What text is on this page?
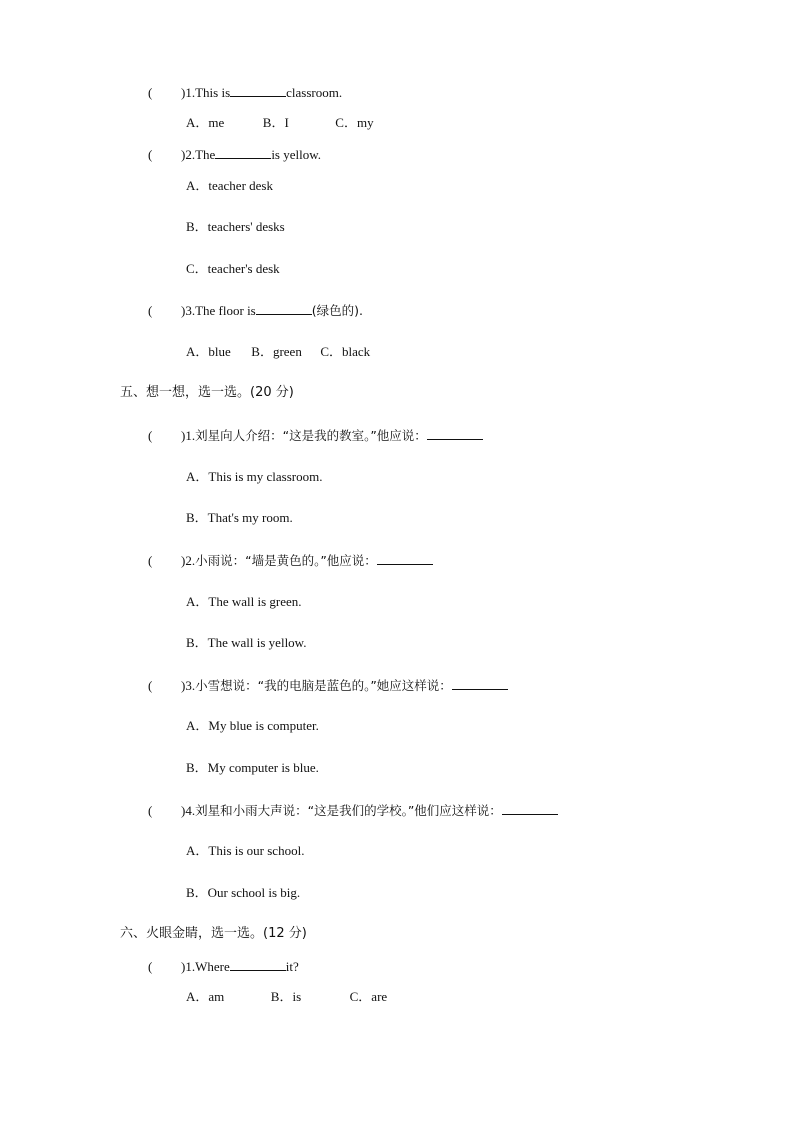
( )1.This is	classroom.
A．me	B．I	C．my
( )2.The	is yellow.
A．teacher desk
B．teachers' desks
C．teacher's desk
( )3.The floor is	(绿色的).
A．blue B．green C．black
五、想一想，选一选。(20 分)
( )1.刘星向人介绍：“这是我的教室。”他应说：
A．This is my classroom.
B．That's my room.
( )2.小雨说：“墙是黄色的。”他应说：
A．The wall is green.
B．The wall is yellow.
( )3.小雪想说：“我的电脑是蓝色的。”她应这样说：
A．My blue is computer.
B．My computer is blue.
( )4.刘星和小雨大声说：“这是我们的学校。”他们应这样说：
A．This is our school.
B．Our school is big.
六、火眼金睛，选一选。(12 分)
( )1.Where	it?
A．am	B．is	C．are
